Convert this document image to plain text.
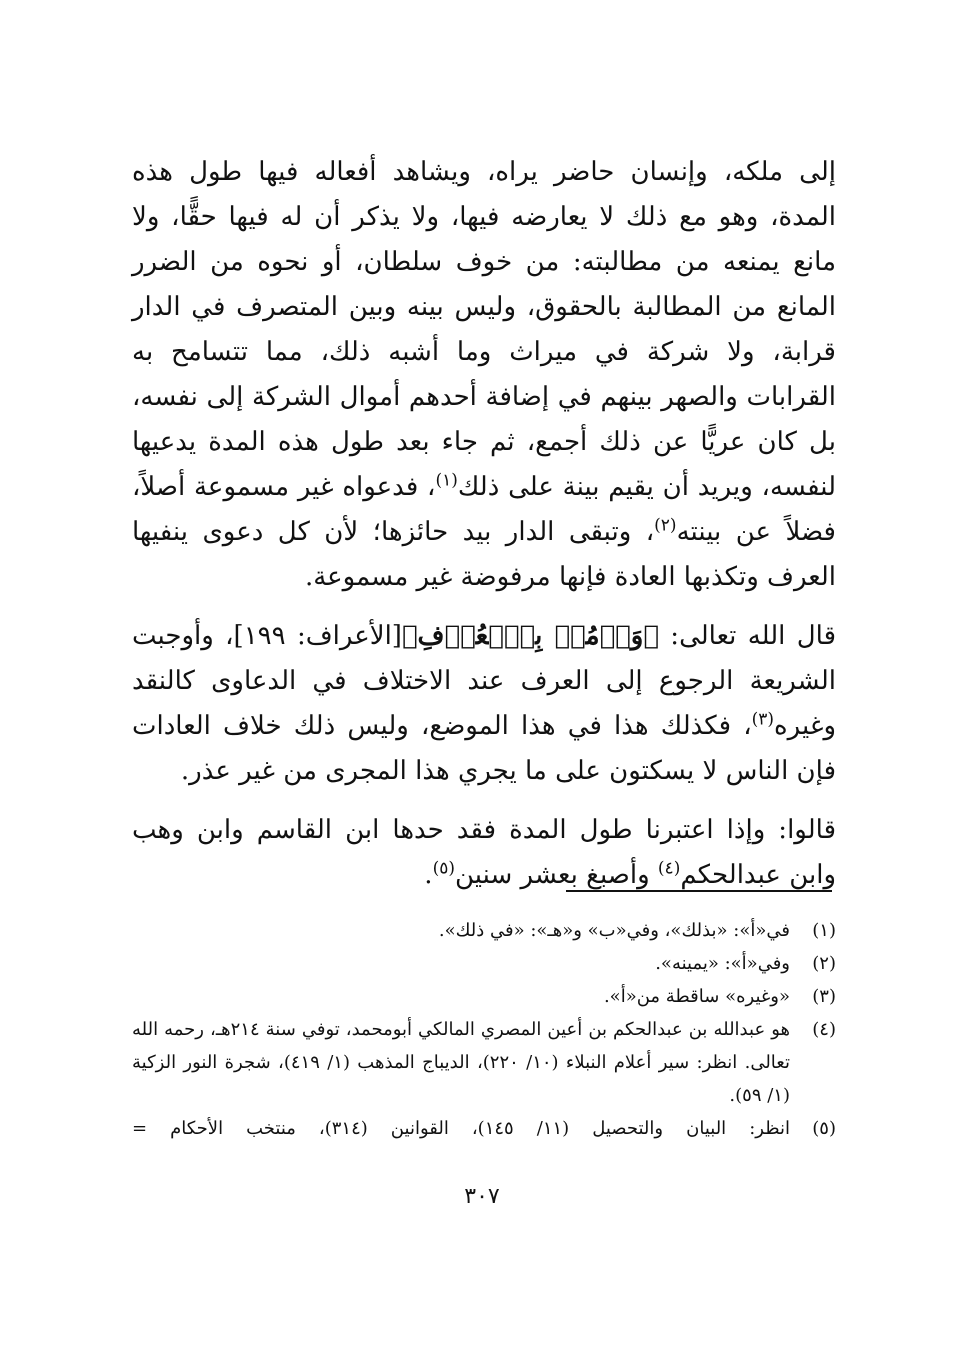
إلى ملكه، وإنسان حاضر يراه، ويشاهد أفعاله فيها طول هذه المدة، وهو مع ذلك لا يعارضه فيها، ولا يذكر أن له فيها حقًّا، ولا مانع يمنعه من مطالبته: من خوف سلطان، أو نحوه من الضرر المانع من المطالبة بالحقوق، وليس بينه وبين المتصرف في الدار قرابة، ولا شركة في ميراث وما أشبه ذلك، مما تتسامح به القرابات والصهر بينهم في إضافة أحدهم أموال الشركة إلى نفسه، بل كان عريًّا عن ذلك أجمع، ثم جاء بعد طول هذه المدة يدعيها لنفسه، ويريد أن يقيم بينة على ذلك$^{(١)}$، فدعواه غير مسموعة أصلاً، فضلاً عن بينته$^{(٢)}$، وتبقى الدار بيد حائزها؛ لأن كل دعوى ينفيها العرف وتكذبها العادة فإنها مرفوضة غير مسموعة.

قال الله تعالى: ﴿وَأۡمُرۡ بِٱلۡعُرۡفِ﴾[الأعراف: ١٩٩]، وأوجبت الشريعة الرجوع إلى العرف عند الاختلاف في الدعاوى كالنقد وغيره$^{(٣)}$، فكذلك هذا في هذا الموضع، وليس ذلك خلاف العادات فإن الناس لا يسكتون على ما يجري هذا المجرى من غير عذر.

قالوا: وإذا اعتبرنا طول المدة فقد حدها ابن القاسم وابن وهب وابن عبدالحكم$^{(٤)}$ وأصبغ بعشر سنين$^{(٥)}$.

(١)
في«أ»: «بذلك»، وفي«ب» و«هـ»: «في ذلك».
(٢)
وفي«أ»: «يمينه».
(٣)
«وغيره» ساقطة من«أ».
(٤)
هو عبدالله بن عبدالحكم بن أعين المصري المالكي أبومحمد، توفي سنة ٢١٤هـ، رحمه الله تعالى. انظر: سير أعلام النبلاء (١٠/ ٢٢٠)، الديباج المذهب (١/ ٤١٩)، شجرة النور الزكية (١/ ٥٩).
(٥)
انظر: البيان والتحصيل (١١/ ١٤٥)، القوانين (٣١٤)، منتخب الأحكام =
٣٠٧
